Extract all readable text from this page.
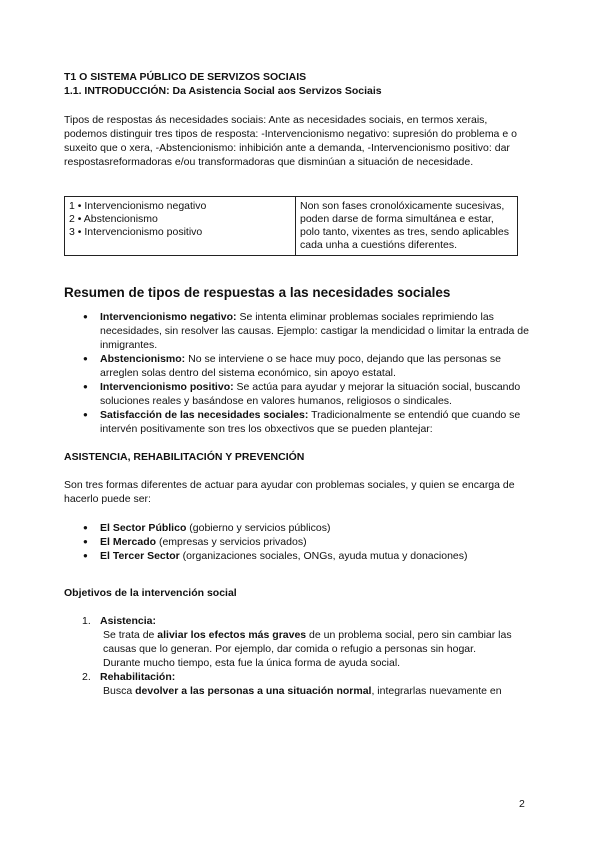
T1 O SISTEMA PÚBLICO DE SERVIZOS SOCIAIS
1.1. INTRODUCCIÓN: Da Asistencia Social aos Servizos Sociais

Tipos de respostas ás necesidades sociais: Ante as necesidades sociais, en termos xerais, podemos distinguir tres tipos de resposta: -Intervencionismo negativo: supresión do problema e o suxeito que o xera, -Abstencionismo: inhibición ante a demanda, -Intervencionismo positivo: dar respostasreformadoras e/ou transformadoras que disminúan a situación de necesidade.

1 • Intervencionismo negativo
2 • Abstencionismo
3 • Intervencionismo positivo
	Non son fases cronolóxicamente sucesivas, poden darse de forma simultánea e estar, polo tanto, vixentes as tres, sendo aplicables cada unha a cuestións diferentes.
Resumen de tipos de respuestas a las necesidades sociales
● Intervencionismo negativo: Se intenta eliminar problemas sociales reprimiendo las necesidades, sin resolver las causas. Ejemplo: castigar la mendicidad o limitar la entrada de inmigrantes.
● Abstencionismo: No se interviene o se hace muy poco, dejando que las personas se arreglen solas dentro del sistema económico, sin apoyo estatal.
● Intervencionismo positivo: Se actúa para ayudar y mejorar la situación social, buscando soluciones reales y basándose en valores humanos, religiosos o sindicales.
● Satisfacción de las necesidades sociales: Tradicionalmente se entendió que cuando se intervén positivamente son tres los obxectivos que se pueden plantejar:
ASISTENCIA, REHABILITACIÓN Y PREVENCIÓN

Son tres formas diferentes de actuar para ayudar con problemas sociales, y quien se encarga de hacerlo puede ser:

● El Sector Público (gobierno y servicios públicos)
● El Mercado (empresas y servicios privados)
● El Tercer Sector (organizaciones sociales, ONGs, ayuda mutua y donaciones)
Objetivos de la intervención social
1. Asistencia:
Se trata de aliviar los efectos más graves de un problema social, pero sin cambiar las causas que lo generan. Por ejemplo, dar comida o refugio a personas sin hogar.
Durante mucho tiempo, esta fue la única forma de ayuda social.
2. Rehabilitación:
Busca devolver a las personas a una situación normal, integrarlas nuevamente en
2
